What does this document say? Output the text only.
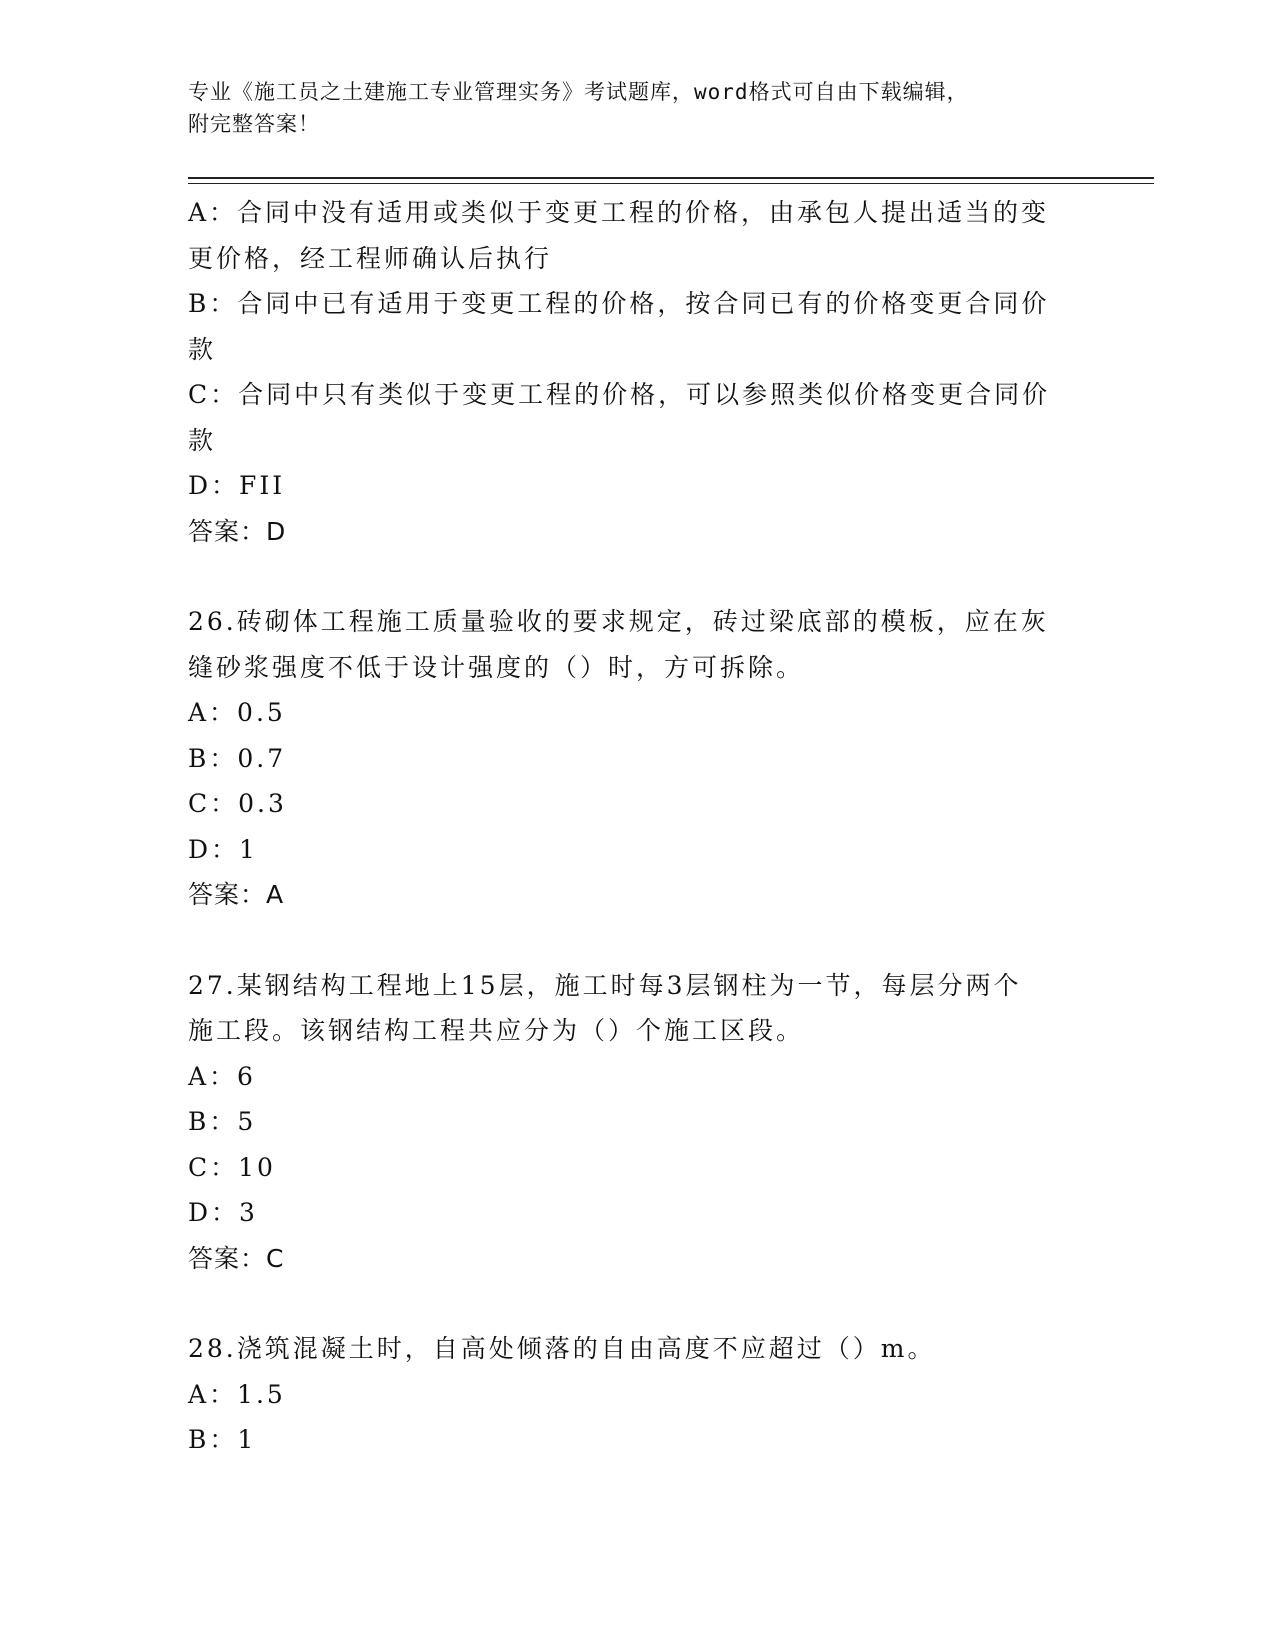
专业《施工员之土建施工专业管理实务》考试题库，word格式可自由下载编辑，
附完整答案！
A：合同中没有适用或类似于变更工程的价格，由承包人提出适当的变
更价格，经工程师确认后执行
B：合同中已有适用于变更工程的价格，按合同已有的价格变更合同价
款
C：合同中只有类似于变更工程的价格，可以参照类似价格变更合同价
款
D：FII
答案：D
26.砖砌体工程施工质量验收的要求规定，砖过梁底部的模板，应在灰
缝砂浆强度不低于设计强度的（）时，方可拆除。
A：0.5
B：0.7
C：0.3
D：1
答案：A
27.某钢结构工程地上15层，施工时每3层钢柱为一节，每层分两个
施工段。该钢结构工程共应分为（）个施工区段。
A：6
B：5
C：10
D：3
答案：C
28.浇筑混凝土时，自高处倾落的自由高度不应超过（）m。
A：1.5
B：1
